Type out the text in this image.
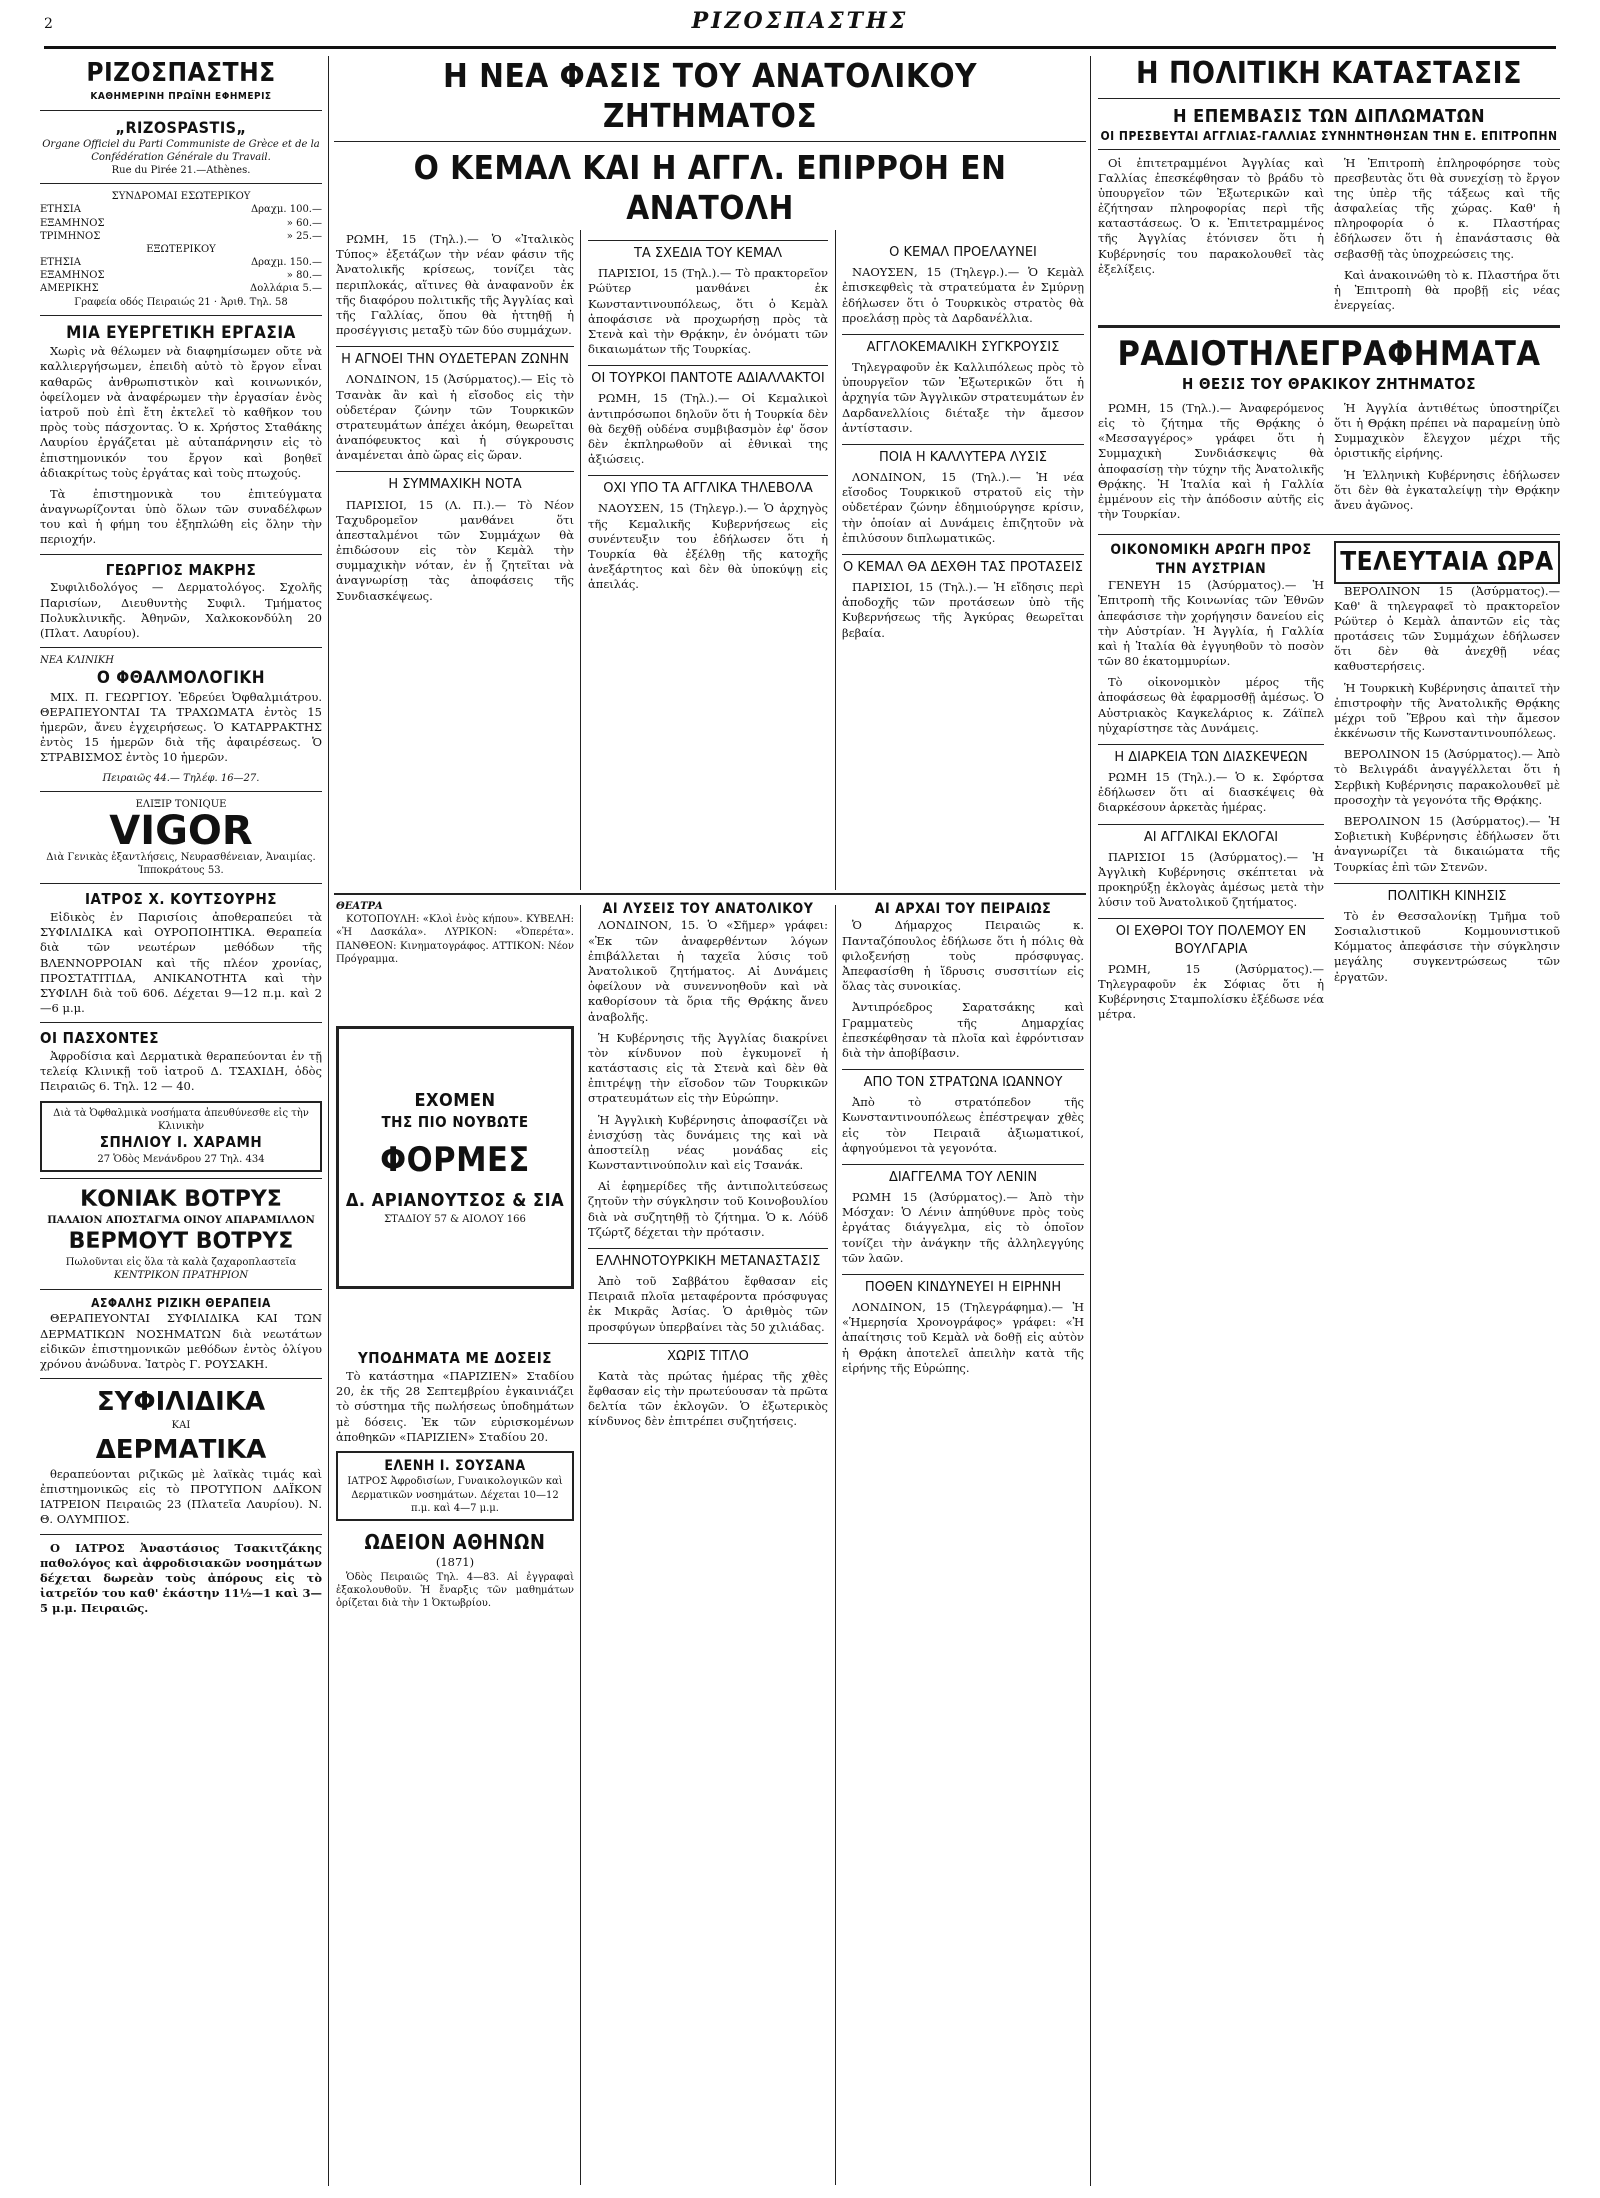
2	ΡΙΖΟΣΠΑΣΤΗΣ
ΡΙΖΟΣΠΑΣΤΗΣ
ΚΑΘΗΜΕΡΙΝΗ ΠΡΩΪΝΗ ΕΦΗΜΕΡΙΣ
„RIZOSPASTIS„
Organe Officiel du Parti Communiste de Grèce et de la Confédération Générale du Travail.
Rue du Pirée 21.—Athènes.
ΣΥΝΔΡΟΜΑΙ ΕΣΩΤΕΡΙΚΟΥ
ΕΤΗΣΙΑ	Δραχμ. 100.—
ΕΞΑΜΗΝΟΣ	» 60.—
ΤΡΙΜΗΝΟΣ	» 25.—
ΕΞΩΤΕΡΙΚΟΥ
ΕΤΗΣΙΑ	Δραχμ. 150.—
ΕΞΑΜΗΝΟΣ	» 80.—
ΑΜΕΡΙΚΗΣ	Δολλάρια 5.—
Γραφεία οδός Πειραιώς 21 · Ἀριθ. Τηλ. 58
ΜΙΑ ΕΥΕΡΓΕΤΙΚΗ ΕΡΓΑΣΙΑ

Χωρὶς νὰ θέλωμεν νὰ διαφημίσωμεν οὔτε νὰ καλλιεργήσωμεν, ἐπειδὴ αὐτὸ τὸ ἔργον εἶναι καθαρῶς ἀνθρωπιστικὸν καὶ κοινωνικόν, ὀφείλομεν νὰ ἀναφέρωμεν τὴν ἐργασίαν ἑνὸς ἰατροῦ ποὺ ἐπὶ ἔτη ἐκτελεῖ τὸ καθῆκον του πρὸς τοὺς πάσχοντας. Ὁ κ. Χρήστος Σταθάκης Λαυρίου ἐργάζεται μὲ αὐταπάρνησιν εἰς τὸ ἐπιστημονικόν του ἔργον καὶ βοηθεῖ ἀδιακρίτως τοὺς ἐργάτας καὶ τοὺς πτωχούς.

Τὰ ἐπιστημονικὰ του ἐπιτεύγματα ἀναγνωρίζονται ὑπὸ ὅλων τῶν συναδέλφων του καὶ ἡ φήμη του ἐξηπλώθη εἰς ὅλην τὴν περιοχήν.

ΓΕΩΡΓΙΟΣ ΜΑΚΡΗΣ

Συφιλιδολόγος — Δερματολόγος. Σχολῆς Παρισίων, Διευθυντὴς Συφιλ. Τμήματος Πολυκλινικῆς. Ἀθηνῶν, Χαλκοκονδύλη 20 (Πλατ. Λαυρίου).

ΝΕΑ ΚΛΙΝΙΚΗ
Ο ΦΘΑΛΜΟΛΟΓΙΚΗ

ΜΙΧ. Π. ΓΕΩΡΓΙΟΥ. Ἑδρεύει Ὀφθαλμιάτρου. ΘΕΡΑΠΕΥΟΝΤΑΙ ΤΑ ΤΡΑΧΩΜΑΤΑ ἐντὸς 15 ἡμερῶν, ἄνευ ἐγχειρήσεως. Ὁ ΚΑΤΑΡΡΑΚΤΗΣ ἐντὸς 15 ἡμερῶν διὰ τῆς ἀφαιρέσεως. Ὁ ΣΤΡΑΒΙΣΜΟΣ ἐντὸς 10 ἡμερῶν.

Πειραιῶς 44.— Τηλέφ. 16—27.
ΕΛΙΞΙΡ TONIQUE
VIGOR
Διὰ Γενικὰς ἐξαντλήσεις, Νευρασθένειαν, Ἀναιμίας.
Ἱπποκράτους 53.
ΙΑΤΡΟΣ Χ. ΚΟΥΤΣΟΥΡΗΣ

Εἰδικὸς ἐν Παρισίοις ἀποθεραπεύει τὰ ΣΥΦΙΛΙΔΙΚΑ καὶ ΟΥΡΟΠΟΙΗΤΙΚΑ. Θεραπεία διὰ τῶν νεωτέρων μεθόδων τῆς ΒΛΕΝΝΟΡΡΟΙΑΝ καὶ τῆς πλέον χρονίας, ΠΡΟΣΤΑΤΙΤΙΔΑ, ΑΝΙΚΑΝΟΤΗΤΑ καὶ τὴν ΣΥΦΙΛΗ διὰ τοῦ 606. Δέχεται 9—12 π.μ. καὶ 2—6 μ.μ.

ΟΙ ΠΑΣΧΟΝΤΕΣ

Ἀφροδίσια καὶ Δερματικὰ θεραπεύονται ἐν τῇ τελείᾳ Κλινικῇ τοῦ ἰατροῦ Δ. ΤΣΑΧΙΔΗ, ὁδὸς Πειραιῶς 6. Τηλ. 12 — 40.

Διὰ τὰ Ὀφθαλμικὰ νοσήματα ἀπευθύνεσθε εἰς τὴν Κλινικὴν
ΣΠΗΛΙΟΥ Ι. ΧΑΡΑΜΗ
27 Ὁδὸς Μενάνδρου 27 Τηλ. 434
ΚΟΝΙΑΚ ΒΟΤΡΥΣ
ΠΑΛΑΙΟΝ ΑΠΟΣΤΑΓΜΑ ΟΙΝΟΥ ΑΠΑΡΑΜΙΛΛΟΝ
ΒΕΡΜΟΥΤ ΒΟΤΡΥΣ
Πωλοῦνται εἰς ὅλα τὰ καλὰ ζαχαροπλαστεῖα
ΚΕΝΤΡΙΚΟΝ ΠΡΑΤΗΡΙΟΝ
ΑΣΦΑΛΗΣ ΡΙΖΙΚΗ ΘΕΡΑΠΕΙΑ

ΘΕΡΑΠΕΥΟΝΤΑΙ ΣΥΦΙΛΙΔΙΚΑ ΚΑΙ ΤΩΝ ΔΕΡΜΑΤΙΚΩΝ ΝΟΣΗΜΑΤΩΝ διὰ νεωτάτων εἰδικῶν ἐπιστημονικῶν μεθόδων ἐντὸς ὀλίγου χρόνου ἀνώδυνα. Ἰατρὸς Γ. ΡΟΥΣΑΚΗ.

ΣΥΦΙΛΙΔΙΚΑ
ΚΑΙ
ΔΕΡΜΑΤΙΚΑ

θεραπεύονται ριζικῶς μὲ λαϊκὰς τιμάς καὶ ἐπιστημονικῶς εἰς τὸ ΠΡΟΤΥΠΟΝ ΔΑΪΚΟΝ ΙΑΤΡΕΙΟΝ Πειραιῶς 23 (Πλατεῖα Λαυρίου). Ν. Θ. ΟΛΥΜΠΙΟΣ.

Ο ΙΑΤΡΟΣ Ἀναστάσιος Τσακιτζάκης παθολόγος καὶ ἀφροδισιακῶν νοσημάτων δέχεται δωρεὰν τοὺς ἀπόρους εἰς τὸ ἰατρεῖόν του καθ' ἑκάστην 11½—1 καὶ 3—5 μ.μ. Πειραιῶς.

Η ΝΕΑ ΦΑΣΙΣ ΤΟΥ ΑΝΑΤΟΛΙΚΟΥ ΖΗΤΗΜΑΤΟΣ
Ο ΚΕΜΑΛ ΚΑΙ Η ΑΓΓΛ. ΕΠΙΡΡΟΗ ΕΝ ΑΝΑΤΟΛΗ

ΡΩΜΗ, 15 (Τηλ.).— Ὁ «Ἰταλικὸς Τύπος» ἐξετάζων τὴν νέαν φάσιν τῆς Ἀνατολικῆς κρίσεως, τονίζει τὰς περιπλοκάς, αἵτινες θὰ ἀναφανοῦν ἐκ τῆς διαφόρου πολιτικῆς τῆς Ἀγγλίας καὶ τῆς Γαλλίας, ὅπου θὰ ἡττηθῇ ἡ προσέγγισις μεταξὺ τῶν δύο συμμάχων.

Η ΑΓΝΟΕΙ ΤΗΝ ΟΥΔΕΤΕΡΑΝ ΖΩΝΗΝ

ΛΟΝΔΙΝΟΝ, 15 (Ἀσύρματος).— Εἰς τὸ Τσανὰκ ἂν καὶ ἡ εἴσοδος εἰς τὴν οὐδετέραν ζώνην τῶν Τουρκικῶν στρατευμάτων ἀπέχει ἀκόμη, θεωρεῖται ἀναπόφευκτος καὶ ἡ σύγκρουσις ἀναμένεται ἀπὸ ὥρας εἰς ὥραν.

Η ΣΥΜΜΑΧΙΚΗ ΝΟΤΑ

ΠΑΡΙΣΙΟΙ, 15 (Λ. Π.).— Τὸ Νέον Ταχυδρομεῖον μανθάνει ὅτι ἀπεσταλμένοι τῶν Συμμάχων θὰ ἐπιδώσουν εἰς τὸν Κεμὰλ τὴν συμμαχικὴν νόταν, ἐν ᾗ ζητεῖται νὰ ἀναγνωρίσῃ τὰς ἀποφάσεις τῆς Συνδιασκέψεως.

ΤΑ ΣΧΕΔΙΑ ΤΟΥ ΚΕΜΑΛ

ΠΑΡΙΣΙΟΙ, 15 (Τηλ.).— Τὸ πρακτορεῖον Ρώϋτερ μανθάνει ἐκ Κωνσταντινουπόλεως, ὅτι ὁ Κεμὰλ ἀποφάσισε νὰ προχωρήσῃ πρὸς τὰ Στενὰ καὶ τὴν Θρᾴκην, ἐν ὀνόματι τῶν δικαιωμάτων τῆς Τουρκίας.

ΟΙ ΤΟΥΡΚΟΙ ΠΑΝΤΟΤΕ ΑΔΙΑΛΛΑΚΤΟΙ

ΡΩΜΗ, 15 (Τηλ.).— Οἱ Κεμαλικοὶ ἀντιπρόσωποι δηλοῦν ὅτι ἡ Τουρκία δὲν θὰ δεχθῇ οὐδένα συμβιβασμὸν ἐφ' ὅσον δὲν ἐκπληρωθοῦν αἱ ἐθνικαὶ της ἀξιώσεις.

ΟΧΙ ΥΠΟ ΤΑ ΑΓΓΛΙΚΑ ΤΗΛΕΒΟΛΑ

ΝΑΟΥΣΕΝ, 15 (Τηλεγρ.).— Ὁ ἀρχηγὸς τῆς Κεμαλικῆς Κυβερνήσεως εἰς συνέντευξιν του ἐδήλωσεν ὅτι ἡ Τουρκία θὰ ἐξέλθῃ τῆς κατοχῆς ἀνεξάρτητος καὶ δὲν θὰ ὑποκύψῃ εἰς ἀπειλάς.

Ο ΚΕΜΑΛ ΠΡΟΕΛΑΥΝΕΙ

ΝΑΟΥΣΕΝ, 15 (Τηλεγρ.).— Ὁ Κεμὰλ ἐπισκεφθεὶς τὰ στρατεύματα ἐν Σμύρνῃ ἐδήλωσεν ὅτι ὁ Τουρκικὸς στρατὸς θὰ προελάσῃ πρὸς τὰ Δαρδανέλλια.

ΑΓΓΛΟΚΕΜΑΛΙΚΗ ΣΥΓΚΡΟΥΣΙΣ

Τηλεγραφοῦν ἐκ Καλλιπόλεως πρὸς τὸ ὑπουργεῖον τῶν Ἐξωτερικῶν ὅτι ἡ ἀρχηγία τῶν Ἀγγλικῶν στρατευμάτων ἐν Δαρδανελλίοις διέταξε τὴν ἄμεσον ἀντίστασιν.

ΠΟΙΑ Η ΚΑΛΛΥΤΕΡΑ ΛΥΣΙΣ

ΛΟΝΔΙΝΟΝ, 15 (Τηλ.).— Ἡ νέα εἴσοδος Τουρκικοῦ στρατοῦ εἰς τὴν οὐδετέραν ζώνην ἐδημιούργησε κρίσιν, τὴν ὁποίαν αἱ Δυνάμεις ἐπιζητοῦν νὰ ἐπιλύσουν διπλωματικῶς.

Ο ΚΕΜΑΛ ΘΑ ΔΕΧΘΗ ΤΑΣ ΠΡΟΤΑΣΕΙΣ

ΠΑΡΙΣΙΟΙ, 15 (Τηλ.).— Ἡ εἴδησις περὶ ἀποδοχῆς τῶν προτάσεων ὑπὸ τῆς Κυβερνήσεως τῆς Ἀγκύρας θεωρεῖται βεβαία.

ΘΕΑΤΡΑ

ΚΟΤΟΠΟΥΛΗ: «Κλοὶ ἑνὸς κήπου». ΚΥΒΕΛΗ: «Ἡ Δασκάλα». ΛΥΡΙΚΟΝ: «Ὀπερέτα». ΠΑΝΘΕΟΝ: Κινηματογράφος. ΑΤΤΙΚΟΝ: Νέον Πρόγραμμα.

ΕΧΟΜΕΝ
ΤΗΣ ΠΙΟ ΝΟΥΒΩΤΕ
ΦΟΡΜΕΣ
Δ. ΑΡΙΑΝΟΥΤΣΟΣ & ΣΙΑ
ΣΤΑΔΙΟΥ 57 & ΑΙΟΛΟΥ 166
ΥΠΟΔΗΜΑΤΑ ΜΕ ΔΟΣΕΙΣ

Τὸ κατάστημα «ΠΑΡΙΖΙΕΝ» Σταδίου 20, ἐκ τῆς 28 Σεπτεμβρίου ἐγκαινιάζει τὸ σύστημα τῆς πωλήσεως ὑποδημάτων μὲ δόσεις. Ἐκ τῶν εὐρισκομένων ἀποθηκῶν «ΠΑΡΙΖΙΕΝ» Σταδίου 20.

ΕΛΕΝΗ Ι. ΣΟΥΣΑΝΑ
ΙΑΤΡΟΣ Ἀφροδισίων, Γυναικολογικῶν καὶ Δερματικῶν νοσημάτων. Δέχεται 10—12 π.μ. καὶ 4—7 μ.μ.
ΩΔΕΙΟΝ ΑΘΗΝΩΝ
(1871)

Ὁδὸς Πειραιῶς Τηλ. 4—83. Αἱ ἐγγραφαὶ ἐξακολουθοῦν. Ἡ ἔναρξις τῶν μαθημάτων ὁρίζεται διὰ τὴν 1 Ὀκτωβρίου.

ΑΙ ΛΥΣΕΙΣ ΤΟΥ ΑΝΑΤΟΛΙΚΟΥ

ΛΟΝΔΙΝΟΝ, 15. Ὁ «Σῆμερ» γράφει: «Ἐκ τῶν ἀναφερθέντων λόγων ἐπιβάλλεται ἡ ταχεῖα λύσις τοῦ Ἀνατολικοῦ ζητήματος. Αἱ Δυνάμεις ὀφείλουν νὰ συνεννοηθοῦν καὶ νὰ καθορίσουν τὰ ὅρια τῆς Θρᾴκης ἄνευ ἀναβολῆς.

Ἡ Κυβέρνησις τῆς Ἀγγλίας διακρίνει τὸν κίνδυνον ποὺ ἐγκυμονεῖ ἡ κατάστασις εἰς τὰ Στενὰ καὶ δὲν θὰ ἐπιτρέψῃ τὴν εἴσοδον τῶν Τουρκικῶν στρατευμάτων εἰς τὴν Εὐρώπην.

Ἡ Ἀγγλικὴ Κυβέρνησις ἀποφασίζει νὰ ἐνισχύσῃ τὰς δυνάμεις της καὶ νὰ ἀποστείλῃ νέας μονάδας εἰς Κωνσταντινούπολιν καὶ εἰς Τσανάκ.

Αἱ ἐφημερίδες τῆς ἀντιπολιτεύσεως ζητοῦν τὴν σύγκλησιν τοῦ Κοινοβουλίου διὰ νὰ συζητηθῇ τὸ ζήτημα. Ὁ κ. Λόϋδ Τζώρτζ δέχεται τὴν πρότασιν.

ΕΛΛΗΝΟΤΟΥΡΚΙΚΗ ΜΕΤΑΝΑΣΤΑΣΙΣ

Ἀπὸ τοῦ Σαββάτου ἔφθασαν εἰς Πειραιᾶ πλοῖα μεταφέροντα πρόσφυγας ἐκ Μικρᾶς Ἀσίας. Ὁ ἀριθμὸς τῶν προσφύγων ὑπερβαίνει τὰς 50 χιλιάδας.

ΧΩΡΙΣ ΤΙΤΛΟ

Κατὰ τὰς πρώτας ἡμέρας τῆς χθὲς ἔφθασαν εἰς τὴν πρωτεύουσαν τὰ πρῶτα δελτία τῶν ἐκλογῶν. Ὁ ἐξωτερικὸς κίνδυνος δὲν ἐπιτρέπει συζητήσεις.

ΑΙ ΑΡΧΑΙ ΤΟΥ ΠΕΙΡΑΙΩΣ

Ὁ Δήμαρχος Πειραιῶς κ. Πανταζόπουλος ἐδήλωσε ὅτι ἡ πόλις θὰ φιλοξενήσῃ τοὺς πρόσφυγας. Ἀπεφασίσθη ἡ ἵδρυσις συσσιτίων εἰς ὅλας τὰς συνοικίας.

Ἀντιπρόεδρος Σαρατσάκης καὶ Γραμματεὺς τῆς Δημαρχίας ἐπεσκέφθησαν τὰ πλοῖα καὶ ἐφρόντισαν διὰ τὴν ἀποβίβασιν.

ΑΠΟ ΤΟΝ ΣΤΡΑΤΩΝΑ ΙΩΑΝΝΟΥ

Ἀπὸ τὸ στρατόπεδον τῆς Κωνσταντινουπόλεως ἐπέστρεψαν χθὲς εἰς τὸν Πειραιᾶ ἀξιωματικοί, ἀφηγούμενοι τὰ γεγονότα.

ΔΙΑΓΓΕΛΜΑ ΤΟΥ ΛΕΝΙΝ

ΡΩΜΗ 15 (Ἀσύρματος).— Ἀπὸ τὴν Μόσχαν: Ὁ Λένιν ἀπηύθυνε πρὸς τοὺς ἐργάτας διάγγελμα, εἰς τὸ ὁποῖον τονίζει τὴν ἀνάγκην τῆς ἀλληλεγγύης τῶν λαῶν.

ΠΟΘΕΝ ΚΙΝΔΥΝΕΥΕΙ Η ΕΙΡΗΝΗ

ΛΟΝΔΙΝΟΝ, 15 (Τηλεγράφημα).— Ἡ «Ἡμερησία Χρονογράφος» γράφει: «Ἡ ἀπαίτησις τοῦ Κεμὰλ νὰ δοθῇ εἰς αὐτὸν ἡ Θρᾴκη ἀποτελεῖ ἀπειλὴν κατὰ τῆς εἰρήνης τῆς Εὐρώπης.

Η ΠΟΛΙΤΙΚΗ ΚΑΤΑΣΤΑΣΙΣ
Η ΕΠΕΜΒΑΣΙΣ ΤΩΝ ΔΙΠΛΩΜΑΤΩΝ
ΟΙ ΠΡΕΣΒΕΥΤΑΙ ΑΓΓΛΙΑΣ-ΓΑΛΛΙΑΣ ΣΥΝΗΝΤΗΘΗΣΑΝ ΤΗΝ Ε. ΕΠΙΤΡΟΠΗΝ

Οἱ ἐπιτετραμμένοι Ἀγγλίας καὶ Γαλλίας ἐπεσκέφθησαν τὸ βράδυ τὸ ὑπουργεῖον τῶν Ἐξωτερικῶν καὶ ἐζήτησαν πληροφορίας περὶ τῆς καταστάσεως. Ὁ κ. Ἐπιτετραμμένος τῆς Ἀγγλίας ἐτόνισεν ὅτι ἡ Κυβέρνησίς του παρακολουθεῖ τὰς ἐξελίξεις.

Ἡ Ἐπιτροπὴ ἐπληροφόρησε τοὺς πρεσβευτὰς ὅτι θὰ συνεχίσῃ τὸ ἔργον της ὑπὲρ τῆς τάξεως καὶ τῆς ἀσφαλείας τῆς χώρας. Καθ' ἡ πληροφορία ὁ κ. Πλαστήρας ἐδήλωσεν ὅτι ἡ ἐπανάστασις θὰ σεβασθῇ τὰς ὑποχρεώσεις της.

Καὶ ἀνακοινώθη τὸ κ. Πλαστήρα ὅτι ἡ Ἐπιτροπὴ θὰ προβῇ εἰς νέας ἐνεργείας.

ΡΑΔΙΟΤΗΛΕΓΡΑΦΗΜΑΤΑ
Η ΘΕΣΙΣ ΤΟΥ ΘΡΑΚΙΚΟΥ ΖΗΤΗΜΑΤΟΣ

ΡΩΜΗ, 15 (Τηλ.).— Ἀναφερόμενος εἰς τὸ ζήτημα τῆς Θρᾴκης ὁ «Μεσσαγγέρος» γράφει ὅτι ἡ Συμμαχικὴ Συνδιάσκεψις θὰ ἀποφασίσῃ τὴν τύχην τῆς Ἀνατολικῆς Θρᾴκης. Ἡ Ἰταλία καὶ ἡ Γαλλία ἐμμένουν εἰς τὴν ἀπόδοσιν αὐτῆς εἰς τὴν Τουρκίαν.

Ἡ Ἀγγλία ἀντιθέτως ὑποστηρίζει ὅτι ἡ Θρᾴκη πρέπει νὰ παραμείνῃ ὑπὸ Συμμαχικὸν ἔλεγχον μέχρι τῆς ὁριστικῆς εἰρήνης.

Ἡ Ἑλληνικὴ Κυβέρνησις ἐδήλωσεν ὅτι δὲν θὰ ἐγκαταλείψῃ τὴν Θρᾴκην ἄνευ ἀγῶνος.

ΟΙΚΟΝΟΜΙΚΗ ΑΡΩΓΗ ΠΡΟΣ ΤΗΝ ΑΥΣΤΡΙΑΝ

ΓΕΝΕΥΗ 15 (Ἀσύρματος).— Ἡ Ἐπιτροπὴ τῆς Κοινωνίας τῶν Ἐθνῶν ἀπεφάσισε τὴν χορήγησιν δανείου εἰς τὴν Αὐστρίαν. Ἡ Ἀγγλία, ἡ Γαλλία καὶ ἡ Ἰταλία θὰ ἐγγυηθοῦν τὸ ποσὸν τῶν 80 ἑκατομμυρίων.

Τὸ οἰκονομικὸν μέρος τῆς ἀποφάσεως θὰ ἐφαρμοσθῇ ἀμέσως. Ὁ Αὐστριακὸς Καγκελάριος κ. Ζάϊπελ ηὐχαρίστησε τὰς Δυνάμεις.

Η ΔΙΑΡΚΕΙΑ ΤΩΝ ΔΙΑΣΚΕΨΕΩΝ

ΡΩΜΗ 15 (Τηλ.).— Ὁ κ. Σφόρτσα ἐδήλωσεν ὅτι αἱ διασκέψεις θὰ διαρκέσουν ἀρκετὰς ἡμέρας.

ΑΙ ΑΓΓΛΙΚΑΙ ΕΚΛΟΓΑΙ

ΠΑΡΙΣΙΟΙ 15 (Ἀσύρματος).— Ἡ Ἀγγλικὴ Κυβέρνησις σκέπτεται νὰ προκηρύξῃ ἐκλογὰς ἀμέσως μετὰ τὴν λύσιν τοῦ Ἀνατολικοῦ ζητήματος.

ΟΙ ΕΧΘΡΟΙ ΤΟΥ ΠΟΛΕΜΟΥ ΕΝ ΒΟΥΛΓΑΡΙΑ

ΡΩΜΗ, 15 (Ἀσύρματος).— Τηλεγραφοῦν ἐκ Σόφιας ὅτι ἡ Κυβέρνησις Σταμπολίσκυ ἐξέδωσε νέα μέτρα.

ΤΕΛΕΥΤΑΙΑ ΩΡΑ

ΒΕΡΟΛΙΝΟΝ 15 (Ἀσύρματος).— Καθ' ἃ τηλεγραφεῖ τὸ πρακτορεῖον Ρώϋτερ ὁ Κεμὰλ ἀπαντῶν εἰς τὰς προτάσεις τῶν Συμμάχων ἐδήλωσεν ὅτι δὲν θὰ ἀνεχθῇ νέας καθυστερήσεις.

Ἡ Τουρκικὴ Κυβέρνησις ἀπαιτεῖ τὴν ἐπιστροφὴν τῆς Ἀνατολικῆς Θρᾴκης μέχρι τοῦ Ἕβρου καὶ τὴν ἄμεσον ἐκκένωσιν τῆς Κωνσταντινουπόλεως.

ΒΕΡΟΛΙΝΟΝ 15 (Ἀσύρματος).— Ἀπὸ τὸ Βελιγράδι ἀναγγέλλεται ὅτι ἡ Σερβικὴ Κυβέρνησις παρακολουθεῖ μὲ προσοχὴν τὰ γεγονότα τῆς Θρᾴκης.

ΒΕΡΟΛΙΝΟΝ 15 (Ἀσύρματος).— Ἡ Σοβιετικὴ Κυβέρνησις ἐδήλωσεν ὅτι ἀναγνωρίζει τὰ δικαιώματα τῆς Τουρκίας ἐπὶ τῶν Στενῶν.

ΠΟΛΙΤΙΚΗ ΚΙΝΗΣΙΣ

Τὸ ἐν Θεσσαλονίκῃ Τμῆμα τοῦ Σοσιαλιστικοῦ Κομμουνιστικοῦ Κόμματος ἀπεφάσισε τὴν σύγκλησιν μεγάλης συγκεντρώσεως τῶν ἐργατῶν.
